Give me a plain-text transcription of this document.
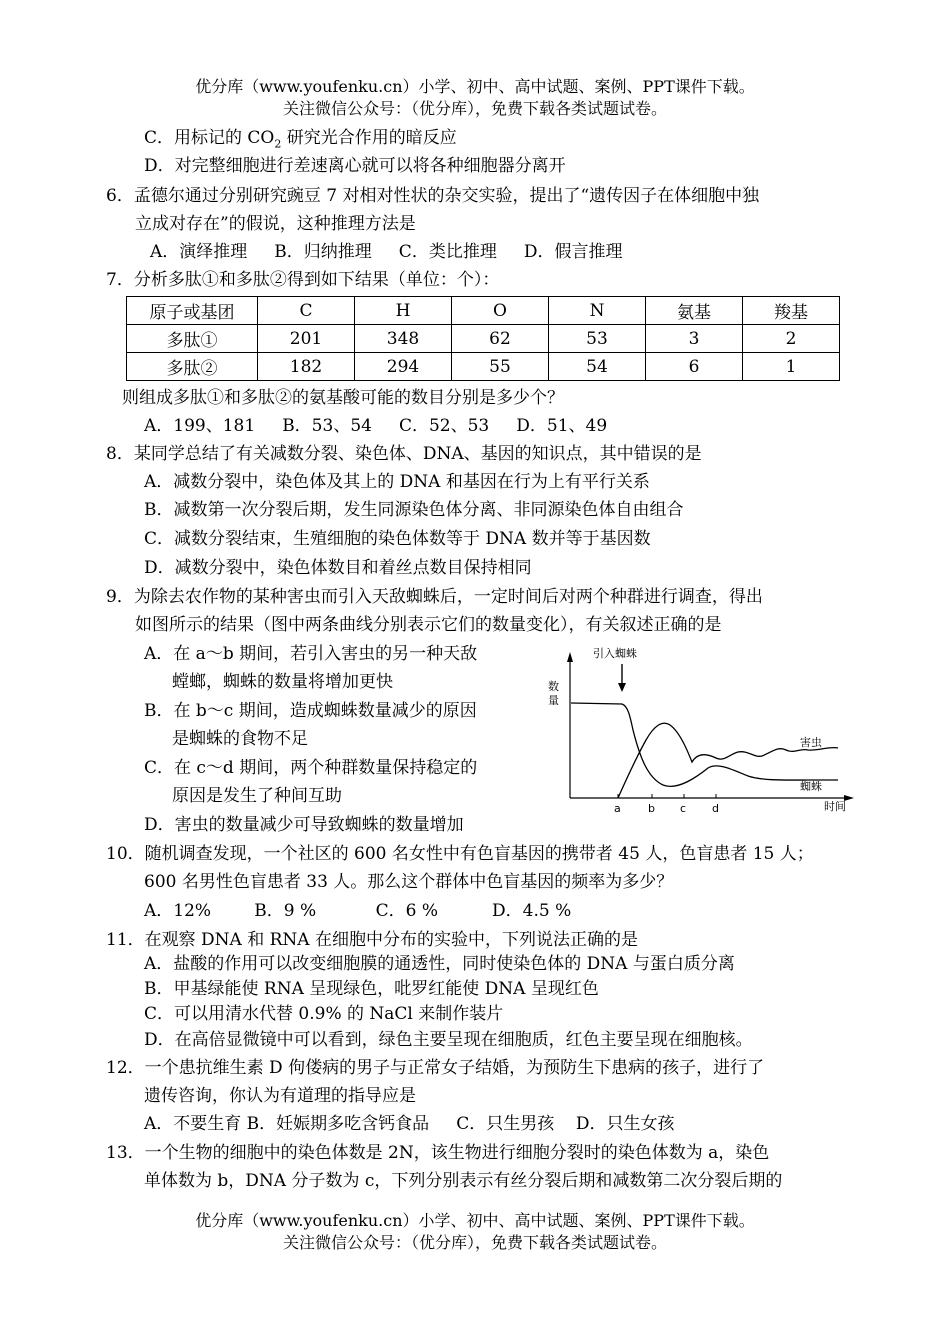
优分库（www.youfenku.cn）小学、初中、高中试题、案例、PPT课件下载。
关注微信公众号：（优分库），免费下载各类试题试卷。
C．用标记的 $CO_2$ 研究光合作用的暗反应
D．对完整细胞进行差速离心就可以将各种细胞器分离开
6．孟德尔通过分别研究豌豆 7 对相对性状的杂交实验，提出了“遗传因子在体细胞中独
立成对存在”的假说，这种推理方法是
A．演绎推理     B．归纳推理     C．类比推理     D．假言推理
7．分析多肽①和多肽②得到如下结果（单位：个）：
原子或基团	C	H	O	N	氨基	羧基
多肽①	201	348	62	53	3	2
多肽②	182	294	55	54	6	1
则组成多肽①和多肽②的氨基酸可能的数目分别是多少个？
A．199、181     B．53、54     C．52、53     D．51、49
8．某同学总结了有关减数分裂、染色体、DNA、基因的知识点，其中错误的是
A．减数分裂中，染色体及其上的 DNA 和基因在行为上有平行关系
B．减数第一次分裂后期，发生同源染色体分离、非同源染色体自由组合
C．减数分裂结束，生殖细胞的染色体数等于 DNA 数并等于基因数
D．减数分裂中，染色体数目和着丝点数目保持相同
9．为除去农作物的某种害虫而引入天敌蜘蛛后，一定时间后对两个种群进行调查，得出
如图所示的结果（图中两条曲线分别表示它们的数量变化），有关叙述正确的是
A．在 a～b 期间，若引入害虫的另一种天敌
螳螂，蜘蛛的数量将增加更快
B．在 b～c 期间，造成蜘蛛数量减少的原因
是蜘蛛的食物不足
C．在 c～d 期间，两个种群数量保持稳定的
原因是发生了种间互助
D．害虫的数量减少可导致蜘蛛的数量增加
引入蜘蛛
数
量
时间
害虫
蜘蛛
a b c d
10．随机调查发现，一个社区的 600 名女性中有色盲基因的携带者 45 人，色盲患者 15 人；
600 名男性色盲患者 33 人。那么这个群体中色盲基因的频率为多少？
A．12%        B．9 %           C．6 %          D．4.5 %
11．在观察 DNA 和 RNA 在细胞中分布的实验中，下列说法正确的是
A．盐酸的作用可以改变细胞膜的通透性，同时使染色体的 DNA 与蛋白质分离
B．甲基绿能使 RNA 呈现绿色，吡罗红能使 DNA 呈现红色
C．可以用清水代替 0.9% 的 NaCl 来制作装片
D．在高倍显微镜中可以看到，绿色主要呈现在细胞质，红色主要呈现在细胞核。
12．一个患抗维生素 D 佝偻病的男子与正常女子结婚，为预防生下患病的孩子，进行了
遗传咨询，你认为有道理的指导应是
A．不要生育 B．妊娠期多吃含钙食品     C．只生男孩    D．只生女孩
13．一个生物的细胞中的染色体数是 2N，该生物进行细胞分裂时的染色体数为 a，染色
单体数为 b，DNA 分子数为 c，下列分别表示有丝分裂后期和减数第二次分裂后期的
优分库（www.youfenku.cn）小学、初中、高中试题、案例、PPT课件下载。
关注微信公众号：（优分库），免费下载各类试题试卷。
